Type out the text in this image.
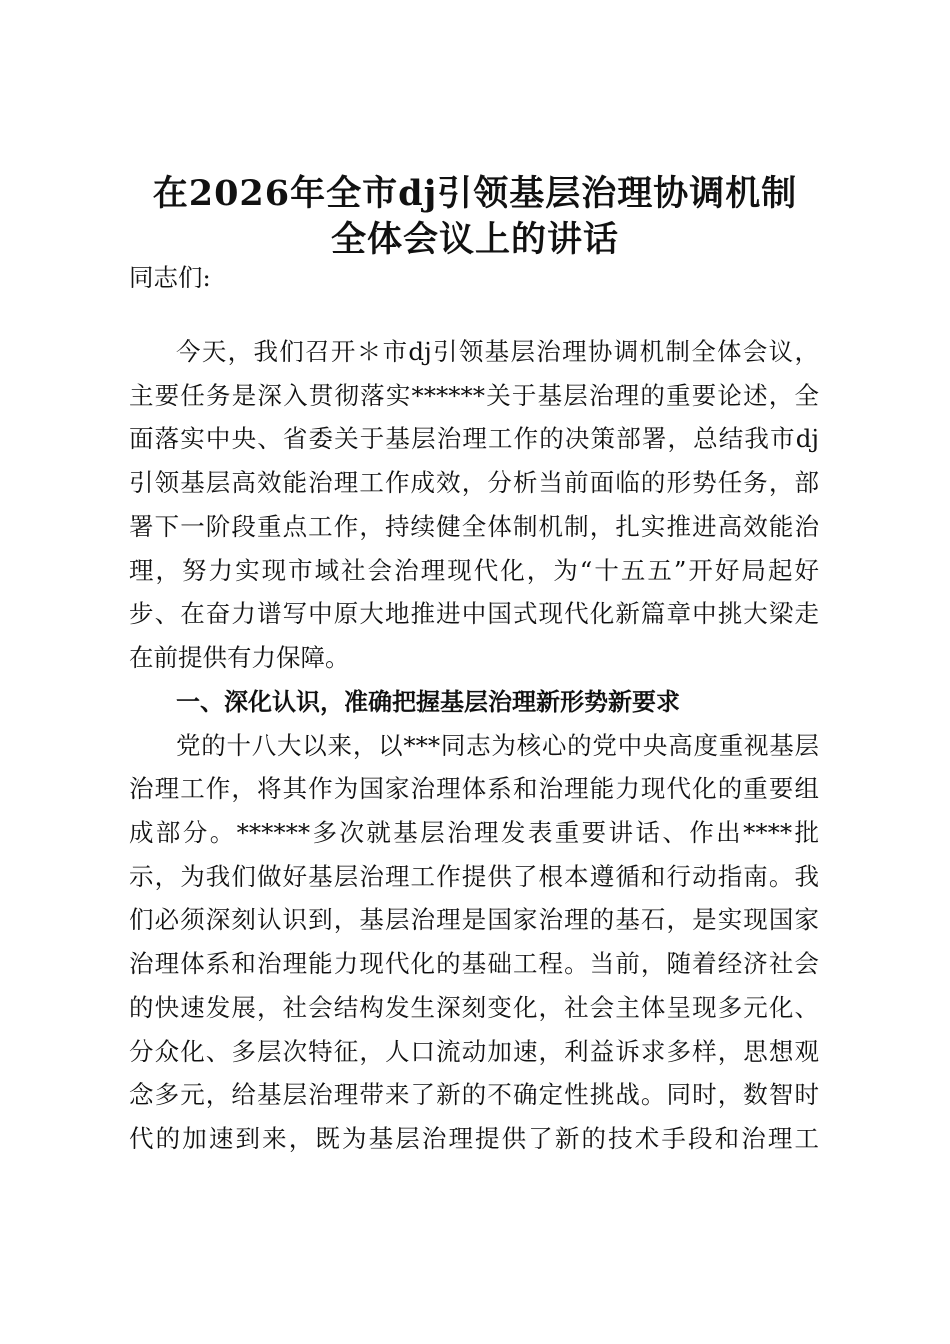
在2026年全市dj引领基层治理协调机制
全体会议上的讲话
同志们:
今天，我们召开＊市dj引领基层治理协调机制全体会议，
主要任务是深入贯彻落实******关于基层治理的重要论述，全
面落实中央、省委关于基层治理工作的决策部署，总结我市dj
引领基层高效能治理工作成效，分析当前面临的形势任务，部
署下一阶段重点工作，持续健全体制机制，扎实推进高效能治
理，努力实现市域社会治理现代化，为“十五五”开好局起好
步、在奋力谱写中原大地推进中国式现代化新篇章中挑大梁走
在前提供有力保障。
一、深化认识，准确把握基层治理新形势新要求
党的十八大以来，以***同志为核心的党中央高度重视基层
治理工作，将其作为国家治理体系和治理能力现代化的重要组
成部分。******多次就基层治理发表重要讲话、作出****批
示，为我们做好基层治理工作提供了根本遵循和行动指南。我
们必须深刻认识到，基层治理是国家治理的基石，是实现国家
治理体系和治理能力现代化的基础工程。当前，随着经济社会
的快速发展，社会结构发生深刻变化，社会主体呈现多元化、
分众化、多层次特征，人口流动加速，利益诉求多样，思想观
念多元，给基层治理带来了新的不确定性挑战。同时，数智时
代的加速到来，既为基层治理提供了新的技术手段和治理工
